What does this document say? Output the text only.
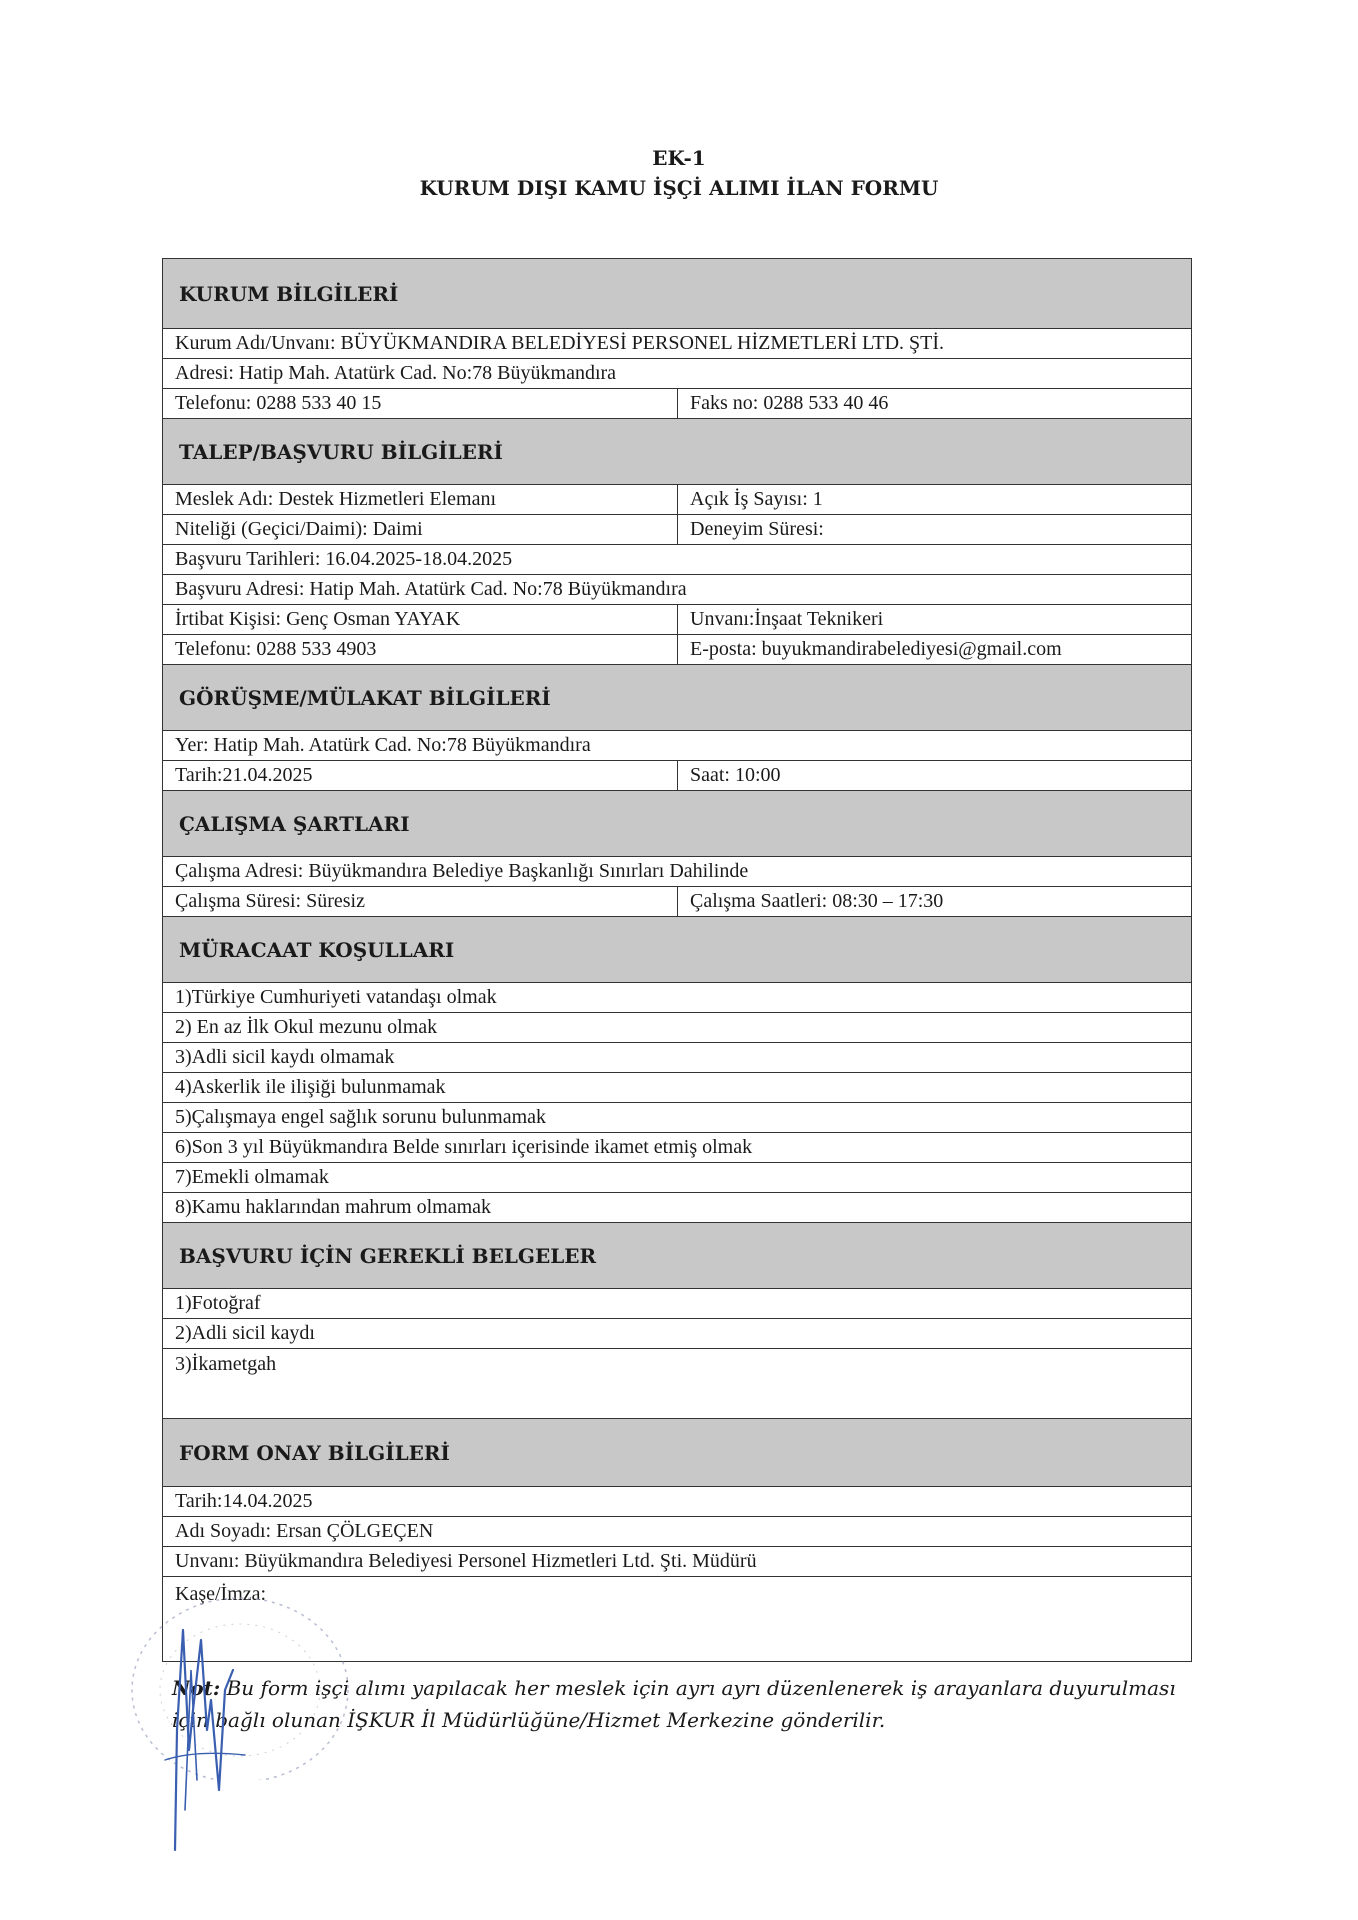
EK-1
KURUM DIŞI KAMU İŞÇİ ALIMI İLAN FORMU
KURUM BİLGİLERİ
Kurum Adı/Unvanı: BÜYÜKMANDIRA BELEDİYESİ PERSONEL HİZMETLERİ LTD. ŞTİ.
Adresi: Hatip Mah. Atatürk Cad. No:78 Büyükmandıra
Telefonu: 0288 533 40 15	Faks no: 0288 533 40 46
TALEP/BAŞVURU BİLGİLERİ
Meslek Adı: Destek Hizmetleri Elemanı	Açık İş Sayısı: 1
Niteliği (Geçici/Daimi): Daimi	Deneyim Süresi:
Başvuru Tarihleri: 16.04.2025-18.04.2025
Başvuru Adresi: Hatip Mah. Atatürk Cad. No:78 Büyükmandıra
İrtibat Kişisi: Genç Osman YAYAK	Unvanı:İnşaat Teknikeri
Telefonu: 0288 533 4903	E-posta: buyukmandirabelediyesi@gmail.com
GÖRÜŞME/MÜLAKAT BİLGİLERİ
Yer: Hatip Mah. Atatürk Cad. No:78 Büyükmandıra
Tarih:21.04.2025	Saat: 10:00
ÇALIŞMA ŞARTLARI
Çalışma Adresi: Büyükmandıra Belediye Başkanlığı Sınırları Dahilinde
Çalışma Süresi: Süresiz	Çalışma Saatleri: 08:30 – 17:30
MÜRACAAT KOŞULLARI
1)Türkiye Cumhuriyeti vatandaşı olmak
2) En az İlk Okul mezunu olmak
3)Adli sicil kaydı olmamak
4)Askerlik ile ilişiği bulunmamak
5)Çalışmaya engel sağlık sorunu bulunmamak
6)Son 3 yıl Büyükmandıra Belde sınırları içerisinde ikamet etmiş olmak
7)Emekli olmamak
8)Kamu haklarından mahrum olmamak
BAŞVURU İÇİN GEREKLİ BELGELER
1)Fotoğraf
2)Adli sicil kaydı
3)İkametgah
FORM ONAY BİLGİLERİ
Tarih:14.04.2025
Adı Soyadı: Ersan ÇÖLGEÇEN
Unvanı: Büyükmandıra Belediyesi Personel Hizmetleri Ltd. Şti. Müdürü
Kaşe/İmza:
Not: Bu form işçi alımı yapılacak her meslek için ayrı ayrı düzenlenerek iş arayanlara duyurulması için bağlı olunan İŞKUR İl Müdürlüğüne/Hizmet Merkezine gönderilir.
